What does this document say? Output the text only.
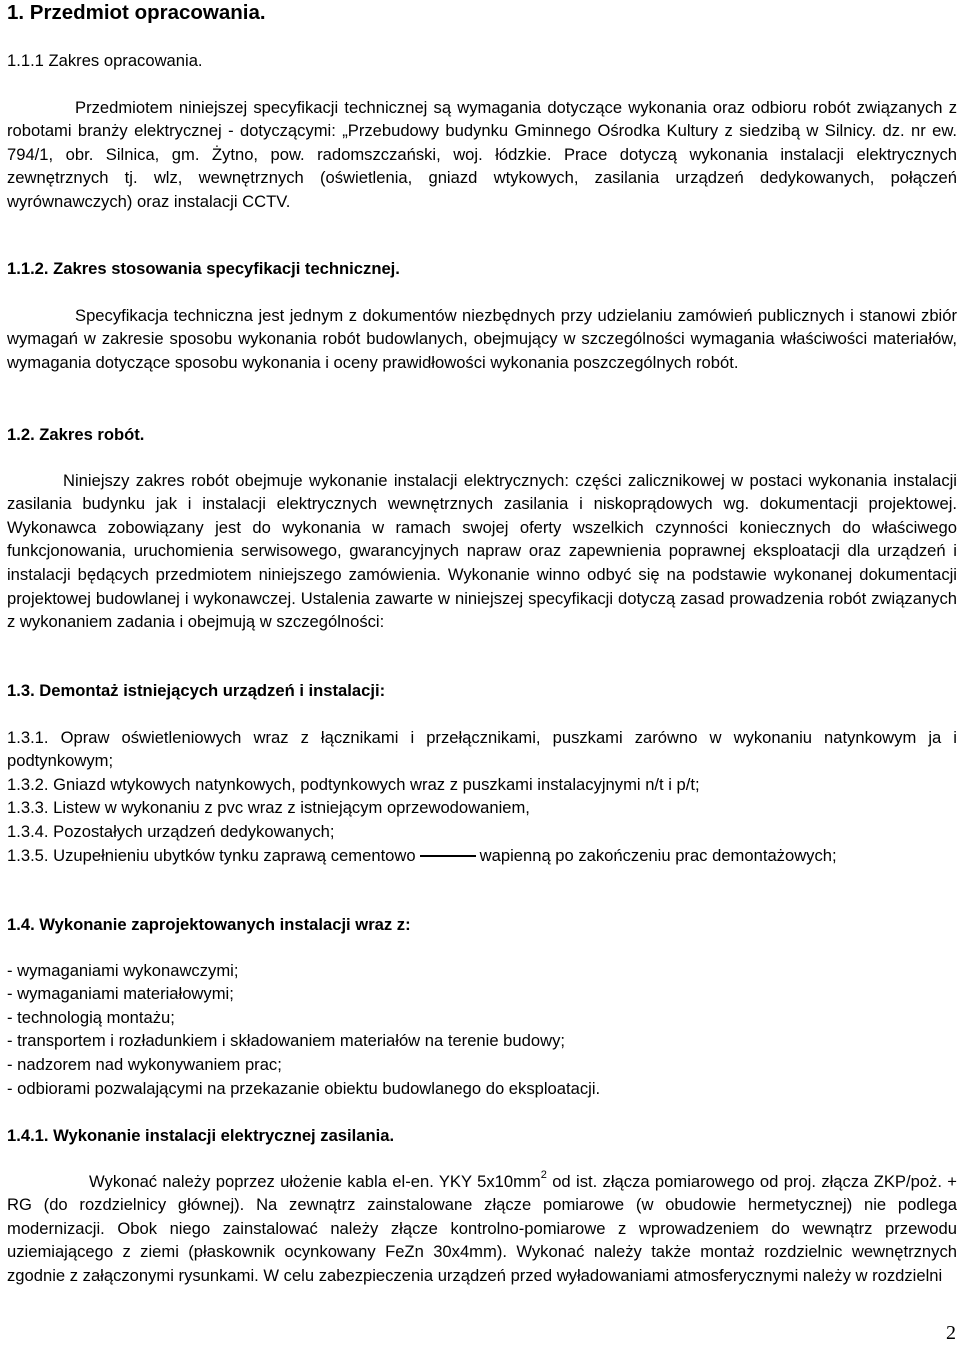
1. Przedmiot opracowania.

1.1.1 Zakres opracowania.

Przedmiotem niniejszej specyfikacji technicznej są wymagania dotyczące wykonania oraz odbioru robót związanych z robotami branży elektrycznej - dotyczącymi: „Przebudowy budynku Gminnego Ośrodka Kultury z siedzibą w Silnicy. dz. nr ew. 794/1, obr. Silnica, gm. Żytno, pow. radomszczański, woj. łódzkie. Prace dotyczą wykonania instalacji elektrycznych zewnętrznych tj. wlz, wewnętrznych (oświetlenia, gniazd wtykowych, zasilania urządzeń dedykowanych, połączeń wyrównawczych) oraz instalacji CCTV.

1.1.2. Zakres stosowania specyfikacji technicznej.

Specyfikacja techniczna jest jednym z dokumentów niezbędnych przy udzielaniu zamówień publicznych i stanowi zbiór wymagań w zakresie sposobu wykonania robót budowlanych, obejmujący w szczególności wymagania właściwości materiałów, wymagania dotyczące sposobu wykonania i oceny prawidłowości wykonania poszczególnych robót.

1.2. Zakres robót.

Niniejszy zakres robót obejmuje wykonanie instalacji elektrycznych: części zalicznikowej w postaci wykonania instalacji zasilania budynku jak i instalacji elektrycznych wewnętrznych zasilania i niskoprądowych wg. dokumentacji projektowej. Wykonawca zobowiązany jest do wykonania w ramach swojej oferty wszelkich czynności koniecznych do właściwego funkcjonowania, uruchomienia serwisowego, gwarancyjnych napraw oraz zapewnienia poprawnej eksploatacji dla urządzeń i instalacji będących przedmiotem niniejszego zamówienia. Wykonanie winno odbyć się na podstawie wykonanej dokumentacji projektowej budowlanej i wykonawczej. Ustalenia zawarte w niniejszej specyfikacji dotyczą zasad prowadzenia robót związanych z wykonaniem zadania i obejmują w szczególności:

1.3. Demontaż istniejących urządzeń i instalacji:

1.3.1. Opraw oświetleniowych wraz z łącznikami i przełącznikami, puszkami zarówno w wykonaniu natynkowym ja i podtynkowym;

1.3.2. Gniazd wtykowych natynkowych, podtynkowych wraz z puszkami instalacyjnymi n/t i p/t;

1.3.3. Listew w wykonaniu z pvc wraz z istniejącym oprzewodowaniem,

1.3.4. Pozostałych urządzeń dedykowanych;

1.3.5. Uzupełnieniu ubytków tynku zaprawą cementowo	wapienną po zakończeniu prac demontażowych;

1.4. Wykonanie zaprojektowanych instalacji wraz z:

- wymaganiami wykonawczymi;

- wymaganiami materiałowymi;

- technologią montażu;

- transportem i rozładunkiem i składowaniem materiałów na terenie budowy;

- nadzorem nad wykonywaniem prac;

- odbiorami pozwalającymi na przekazanie obiektu budowlanego do eksploatacji.

1.4.1. Wykonanie instalacji elektrycznej zasilania.

Wykonać należy poprzez ułożenie kabla el-en. YKY $5x10mm^2$ od ist. złącza pomiarowego od proj. złącza ZKP/poż. + RG (do rozdzielnicy głównej). Na zewnątrz zainstalowane złącze pomiarowe (w obudowie hermetycznej) nie podlega modernizacji. Obok niego zainstalować należy złącze kontrolno-pomiarowe z wprowadzeniem do wewnątrz przewodu uziemiającego z ziemi (płaskownik ocynkowany FeZn 30x4mm). Wykonać należy także montaż rozdzielnic wewnętrznych zgodnie z załączonymi rysunkami. W celu zabezpieczenia urządzeń przed wyładowaniami atmosferycznymi należy w rozdzielni

2
